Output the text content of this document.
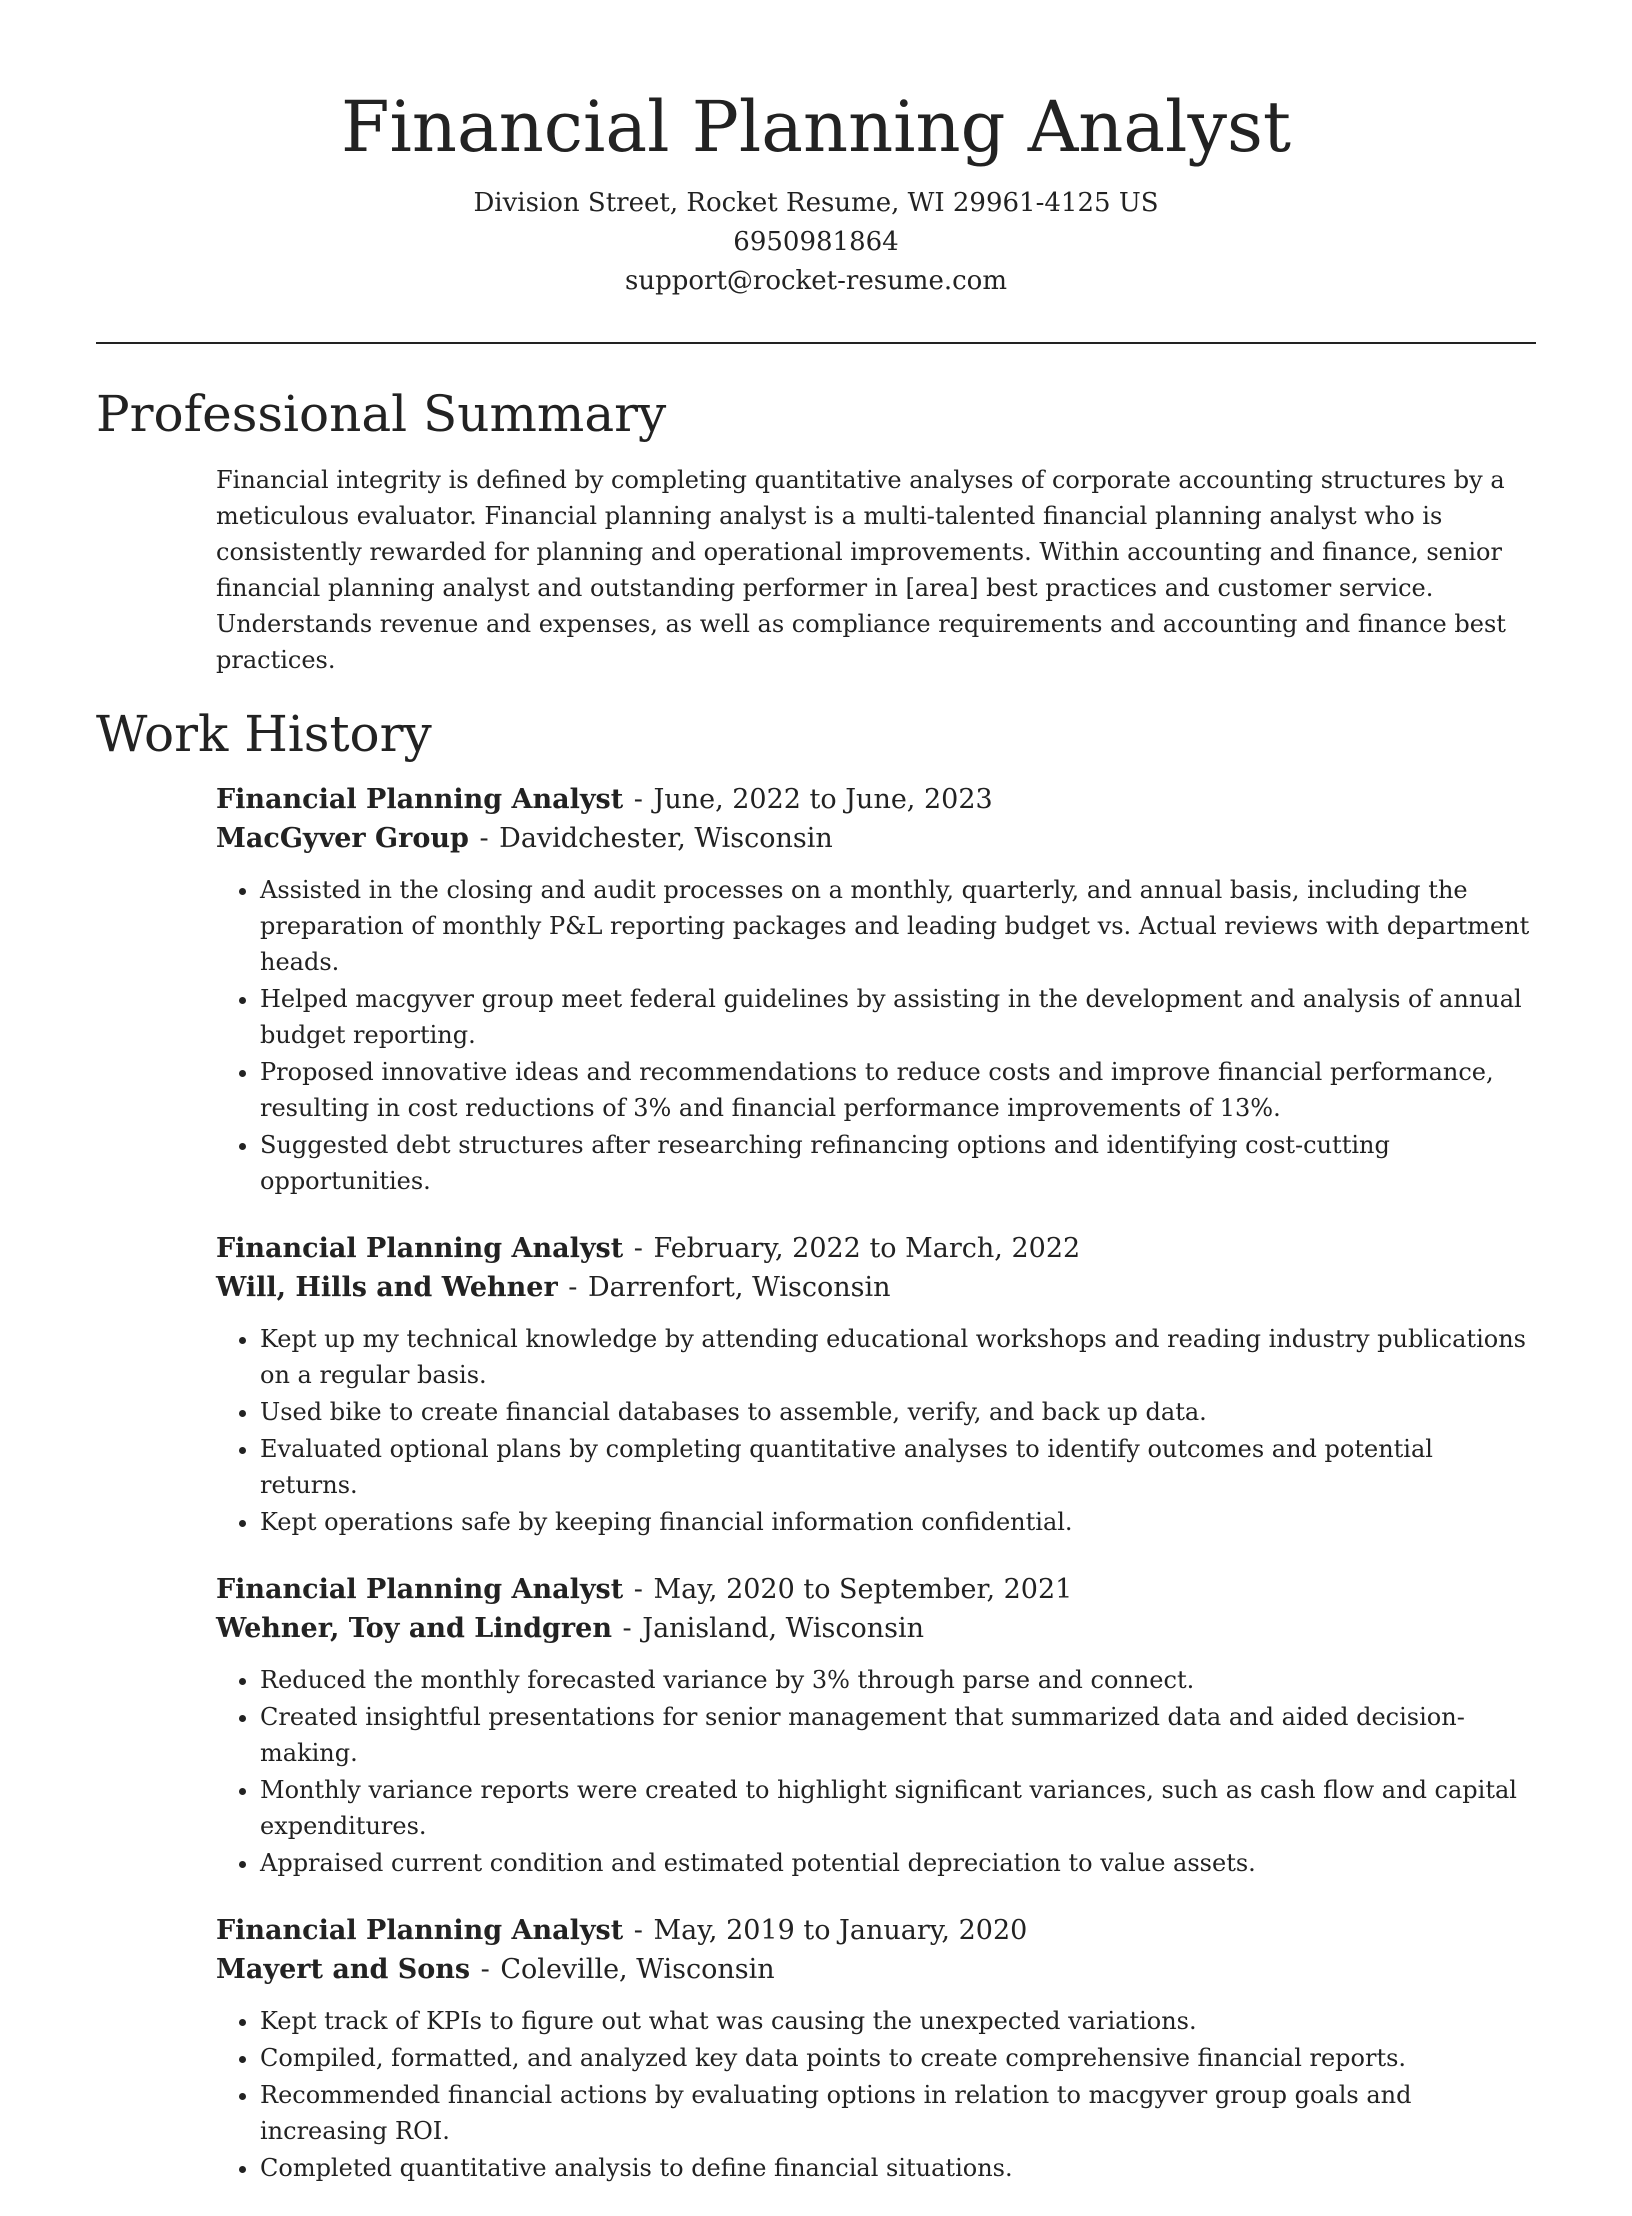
Financial Planning Analyst
Division Street, Rocket Resume, WI 29961-4125 US
6950981864
support@rocket-resume.com
Professional Summary

Financial integrity is defined by completing quantitative analyses of corporate accounting structures by a meticulous evaluator. Financial planning analyst is a multi-talented financial planning analyst who is consistently rewarded for planning and operational improvements. Within accounting and finance, senior financial planning analyst and outstanding performer in [area] best practices and customer service. Understands revenue and expenses, as well as compliance requirements and accounting and finance best practices.

Work History
Financial Planning Analyst - June, 2022 to June, 2023
MacGyver Group - Davidchester, Wisconsin
• Assisted in the closing and audit processes on a monthly, quarterly, and annual basis, including the preparation of monthly P&L reporting packages and leading budget vs. Actual reviews with department heads.
• Helped macgyver group meet federal guidelines by assisting in the development and analysis of annual budget reporting.
• Proposed innovative ideas and recommendations to reduce costs and improve financial performance, resulting in cost reductions of 3% and financial performance improvements of 13%.
• Suggested debt structures after researching refinancing options and identifying cost-cutting opportunities.
Financial Planning Analyst - February, 2022 to March, 2022
Will, Hills and Wehner - Darrenfort, Wisconsin
• Kept up my technical knowledge by attending educational workshops and reading industry publications on a regular basis.
• Used bike to create financial databases to assemble, verify, and back up data.
• Evaluated optional plans by completing quantitative analyses to identify outcomes and potential returns.
• Kept operations safe by keeping financial information confidential.
Financial Planning Analyst - May, 2020 to September, 2021
Wehner, Toy and Lindgren - Janisland, Wisconsin
• Reduced the monthly forecasted variance by 3% through parse and connect.
• Created insightful presentations for senior management that summarized data and aided decision-making.
• Monthly variance reports were created to highlight significant variances, such as cash flow and capital expenditures.
• Appraised current condition and estimated potential depreciation to value assets.
Financial Planning Analyst - May, 2019 to January, 2020
Mayert and Sons - Coleville, Wisconsin
• Kept track of KPIs to figure out what was causing the unexpected variations.
• Compiled, formatted, and analyzed key data points to create comprehensive financial reports.
• Recommended financial actions by evaluating options in relation to macgyver group goals and increasing ROI.
• Completed quantitative analysis to define financial situations.
